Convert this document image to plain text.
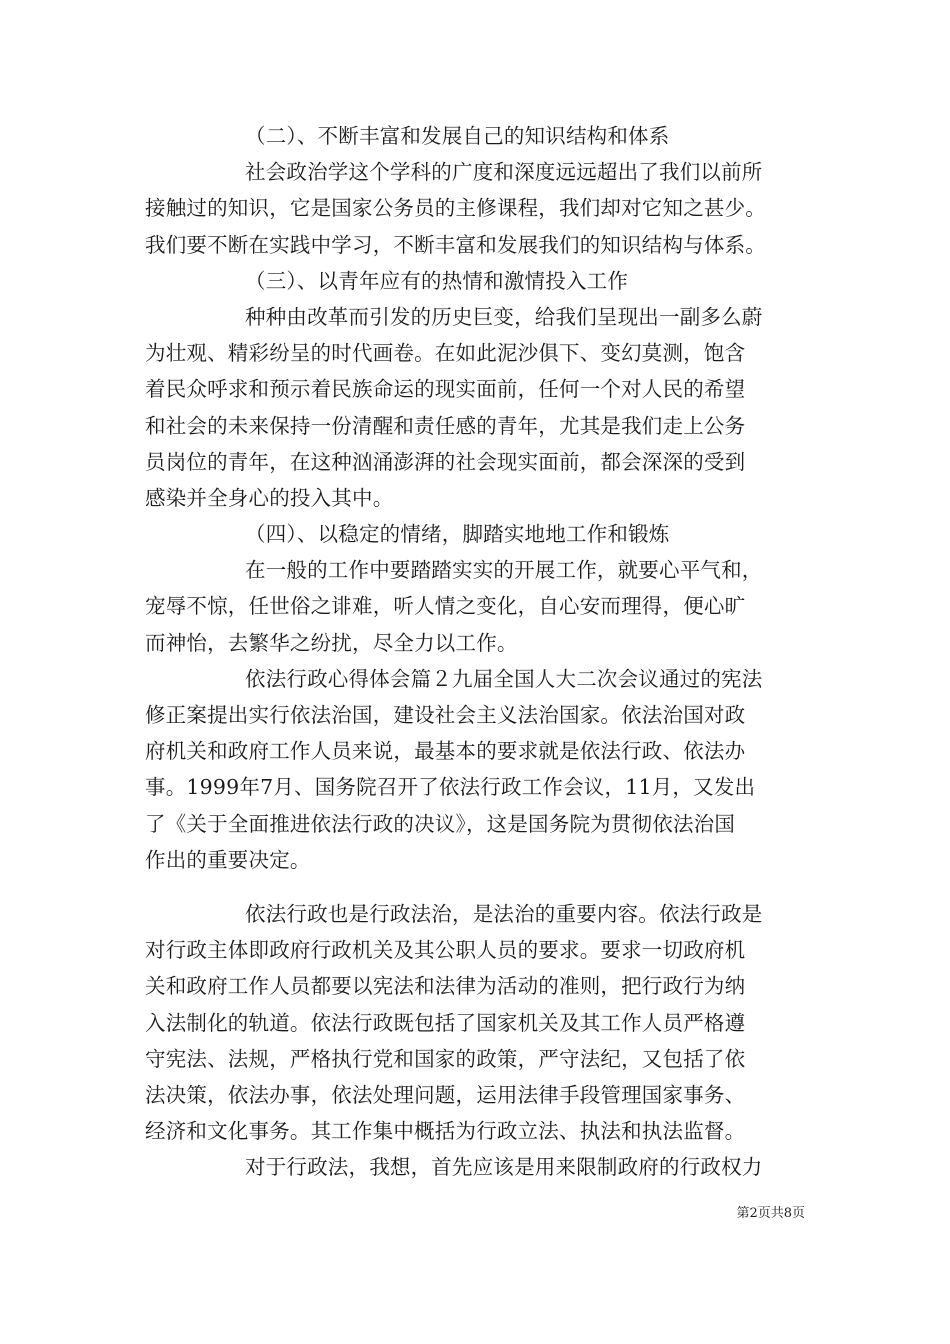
（二）、不断丰富和发展自己的知识结构和体系
社会政治学这个学科的广度和深度远远超出了我们以前所
接触过的知识，它是国家公务员的主修课程，我们却对它知之甚少。
我们要不断在实践中学习，不断丰富和发展我们的知识结构与体系。
（三）、以青年应有的热情和激情投入工作
种种由改革而引发的历史巨变，给我们呈现出一副多么蔚
为壮观、精彩纷呈的时代画卷。在如此泥沙俱下、变幻莫测，饱含
着民众呼求和预示着民族命运的现实面前，任何一个对人民的希望
和社会的未来保持一份清醒和责任感的青年，尤其是我们走上公务
员岗位的青年，在这种汹涌澎湃的社会现实面前，都会深深的受到
感染并全身心的投入其中。
（四）、以稳定的情绪，脚踏实地地工作和锻炼
在一般的工作中要踏踏实实的开展工作，就要心平气和，
宠辱不惊，任世俗之诽难，听人情之变化，自心安而理得，便心旷
而神怡，去繁华之纷扰，尽全力以工作。
依法行政心得体会篇２九届全国人大二次会议通过的宪法
修正案提出实行依法治国，建设社会主义法治国家。依法治国对政
府机关和政府工作人员来说，最基本的要求就是依法行政、依法办
事。1999年7月、国务院召开了依法行政工作会议，11月，又发出
了《关于全面推进依法行政的决议》，这是国务院为贯彻依法治国
作出的重要决定。
依法行政也是行政法治，是法治的重要内容。依法行政是
对行政主体即政府行政机关及其公职人员的要求。要求一切政府机
关和政府工作人员都要以宪法和法律为活动的准则，把行政行为纳
入法制化的轨道。依法行政既包括了国家机关及其工作人员严格遵
守宪法、法规，严格执行党和国家的政策，严守法纪，又包括了依
法决策，依法办事，依法处理问题，运用法律手段管理国家事务、
经济和文化事务。其工作集中概括为行政立法、执法和执法监督。
对于行政法，我想，首先应该是用来限制政府的行政权力
第2页共8页
